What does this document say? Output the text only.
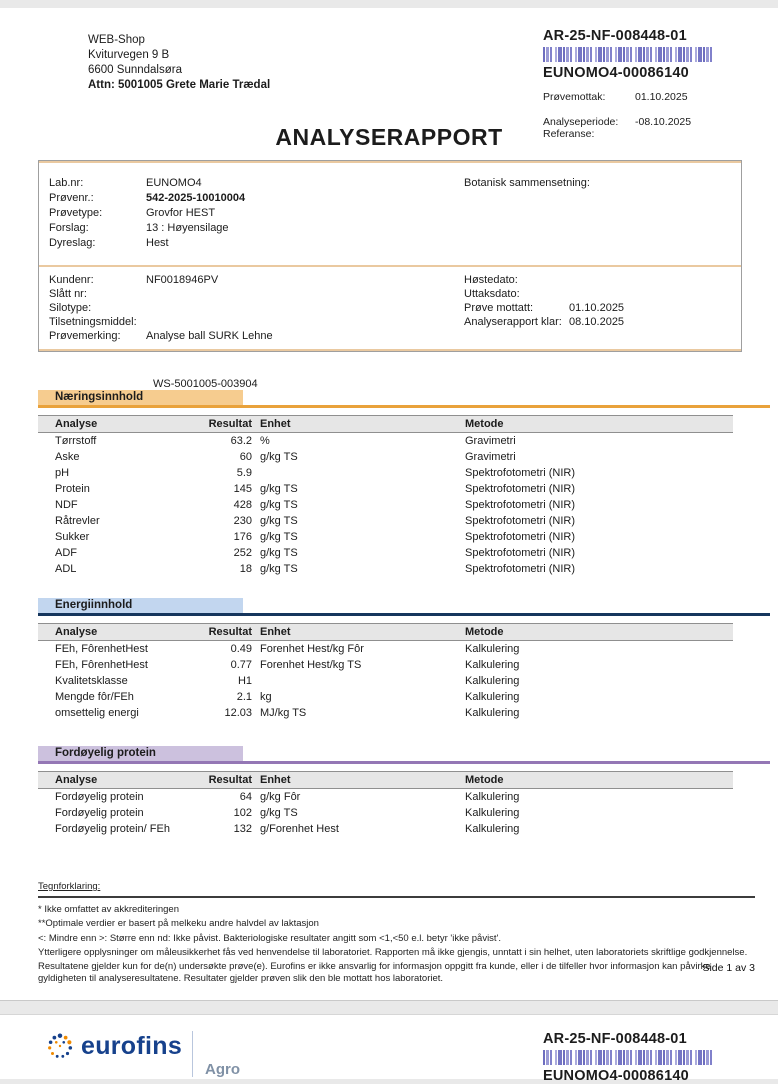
WEB-Shop
Kviturvegen 9 B
6600 Sunndalsøra
Attn: 5001005 Grete Marie Trædal
AR-25-NF-008448-01
EUNOMO4-00086140
Prøvemottak:	01.10.2025
Analyseperiode:	-08.10.2025
Referanse:
ANALYSERAPPORT
Lab.nr:	EUNOMO4
Prøvenr.:	542-2025-10010004
Prøvetype:	Grovfor HEST
Forslag:	13 : Høyensilage
Dyreslag:	Hest
Botanisk sammensetning:
Kundenr:	NF0018946PV
Slått nr:
Silotype:
Tilsetningsmiddel:
Prøvemerking:	Analyse ball SURK Lehne
Høstedato:
Uttaksdato:
Prøve mottatt:	01.10.2025
Analyserapport klar: 08.10.2025
WS-5001005-003904
Næringsinnhold
Analyse	Resultat	Enhet	Metode
Tørrstoff	63.2	%	Gravimetri
Aske	60	g/kg TS	Gravimetri
pH	5.9		Spektrofotometri (NIR)
Protein	145	g/kg TS	Spektrofotometri (NIR)
NDF	428	g/kg TS	Spektrofotometri (NIR)
Råtrevler	230	g/kg TS	Spektrofotometri (NIR)
Sukker	176	g/kg TS	Spektrofotometri (NIR)
ADF	252	g/kg TS	Spektrofotometri (NIR)
ADL	18	g/kg TS	Spektrofotometri (NIR)
Energiinnhold
Analyse	Resultat	Enhet	Metode
FEh, FôrenhetHest	0.49	Forenhet Hest/kg Fôr	Kalkulering
FEh, FôrenhetHest	0.77	Forenhet Hest/kg TS	Kalkulering
Kvalitetsklasse	H1		Kalkulering
Mengde fôr/FEh	2.1	kg	Kalkulering
omsettelig energi	12.03	MJ/kg TS	Kalkulering
Fordøyelig protein
Analyse	Resultat	Enhet	Metode
Fordøyelig protein	64	g/kg Fôr	Kalkulering
Fordøyelig protein	102	g/kg TS	Kalkulering
Fordøyelig protein/ FEh	132	g/Forenhet Hest	Kalkulering
Tegnforklaring:
* Ikke omfattet av akkrediteringen
**Optimale verdier er basert på melkeku andre halvdel av laktasjon
<: Mindre enn >: Større enn nd: Ikke påvist. Bakteriologiske resultater angitt som <1,<50 e.l. betyr 'ikke påvist'.
Ytterligere opplysninger om måleusikkerhet fås ved henvendelse til laboratoriet. Rapporten må ikke gjengis, unntatt i sin helhet, uten laboratoriets skriftlige godkjennelse.
Resultatene gjelder kun for de(n) undersøkte prøve(e). Eurofins er ikke ansvarlig for informasjon oppgitt fra kunde, eller i de tilfeller hvor informasjon kan påvirke gyldigheten til analyseresultatene. Resultater gjelder prøven slik den ble mottatt hos laboratoriet.
Side 1 av 3
eurofins
Agro
AR-25-NF-008448-01
EUNOMO4-00086140
